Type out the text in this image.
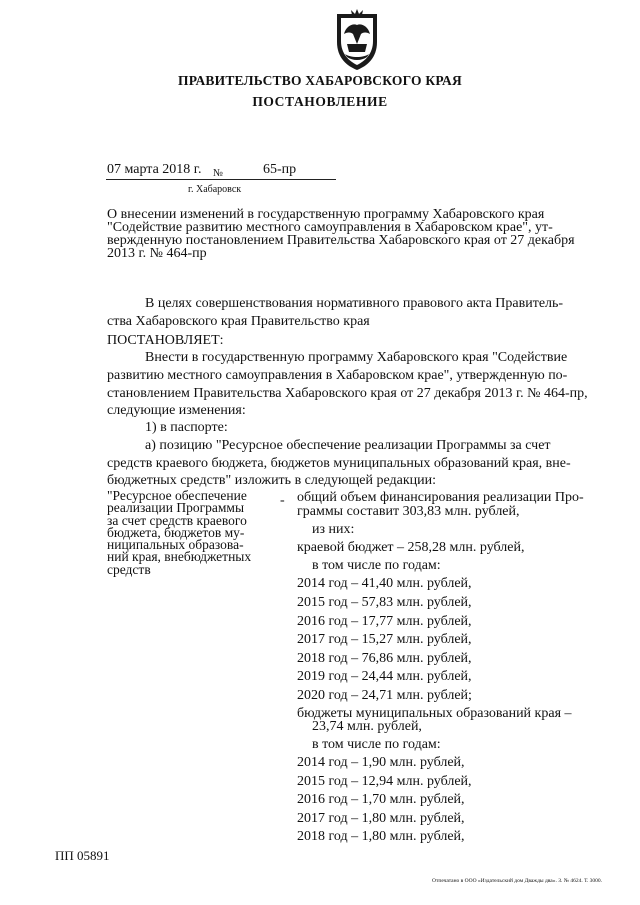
ПРАВИТЕЛЬСТВО ХАБАРОВСКОГО КРАЯ
ПОСТАНОВЛЕНИЕ
07 марта 2018 г. №	65-пр
г. Хабаровск
О внесении изменений в государственную программу Хабаровского края
"Содействие развитию местного самоуправления в Хабаровском крае", ут-
вержденную постановлением Правительства Хабаровского края от 27 декабря
2013 г. № 464-пр
В целях совершенствования нормативного правового акта Правитель-
ства Хабаровского края Правительство края
ПОСТАНОВЛЯЕТ:
Внести в государственную программу Хабаровского края "Содействие
развитию местного самоуправления в Хабаровском крае", утвержденную по-
становлением Правительства Хабаровского края от 27 декабря 2013 г. № 464-пр,
следующие изменения:
1) в паспорте:
а) позицию "Ресурсное обеспечение реализации Программы за счет
средств краевого бюджета, бюджетов муниципальных образований края, вне-
бюджетных средств" изложить в следующей редакции:
"Ресурсное обеспечение
реализации Программы
за счет средств краевого
бюджета, бюджетов му-
ниципальных образова-
ний края, внебюджетных
средств
- общий объем финансирования реализации Про-
граммы составит 303,83 млн. рублей,
из них:
краевой бюджет – 258,28 млн. рублей,
в том числе по годам:
2014 год – 41,40 млн. рублей,
2015 год – 57,83 млн. рублей,
2016 год – 17,77 млн. рублей,
2017 год – 15,27 млн. рублей,
2018 год – 76,86 млн. рублей,
2019 год – 24,44 млн. рублей,
2020 год – 24,71 млн. рублей;
бюджеты муниципальных образований края –
23,74 млн. рублей,
в том числе по годам:
2014 год – 1,90 млн. рублей,
2015 год – 12,94 млн. рублей,
2016 год – 1,70 млн. рублей,
2017 год – 1,80 млн. рублей,
2018 год – 1,80 млн. рублей,
ПП 05891
Отпечатано в ООО «Издательский дом Дважды два». З. № 4624. Т. 3000.
